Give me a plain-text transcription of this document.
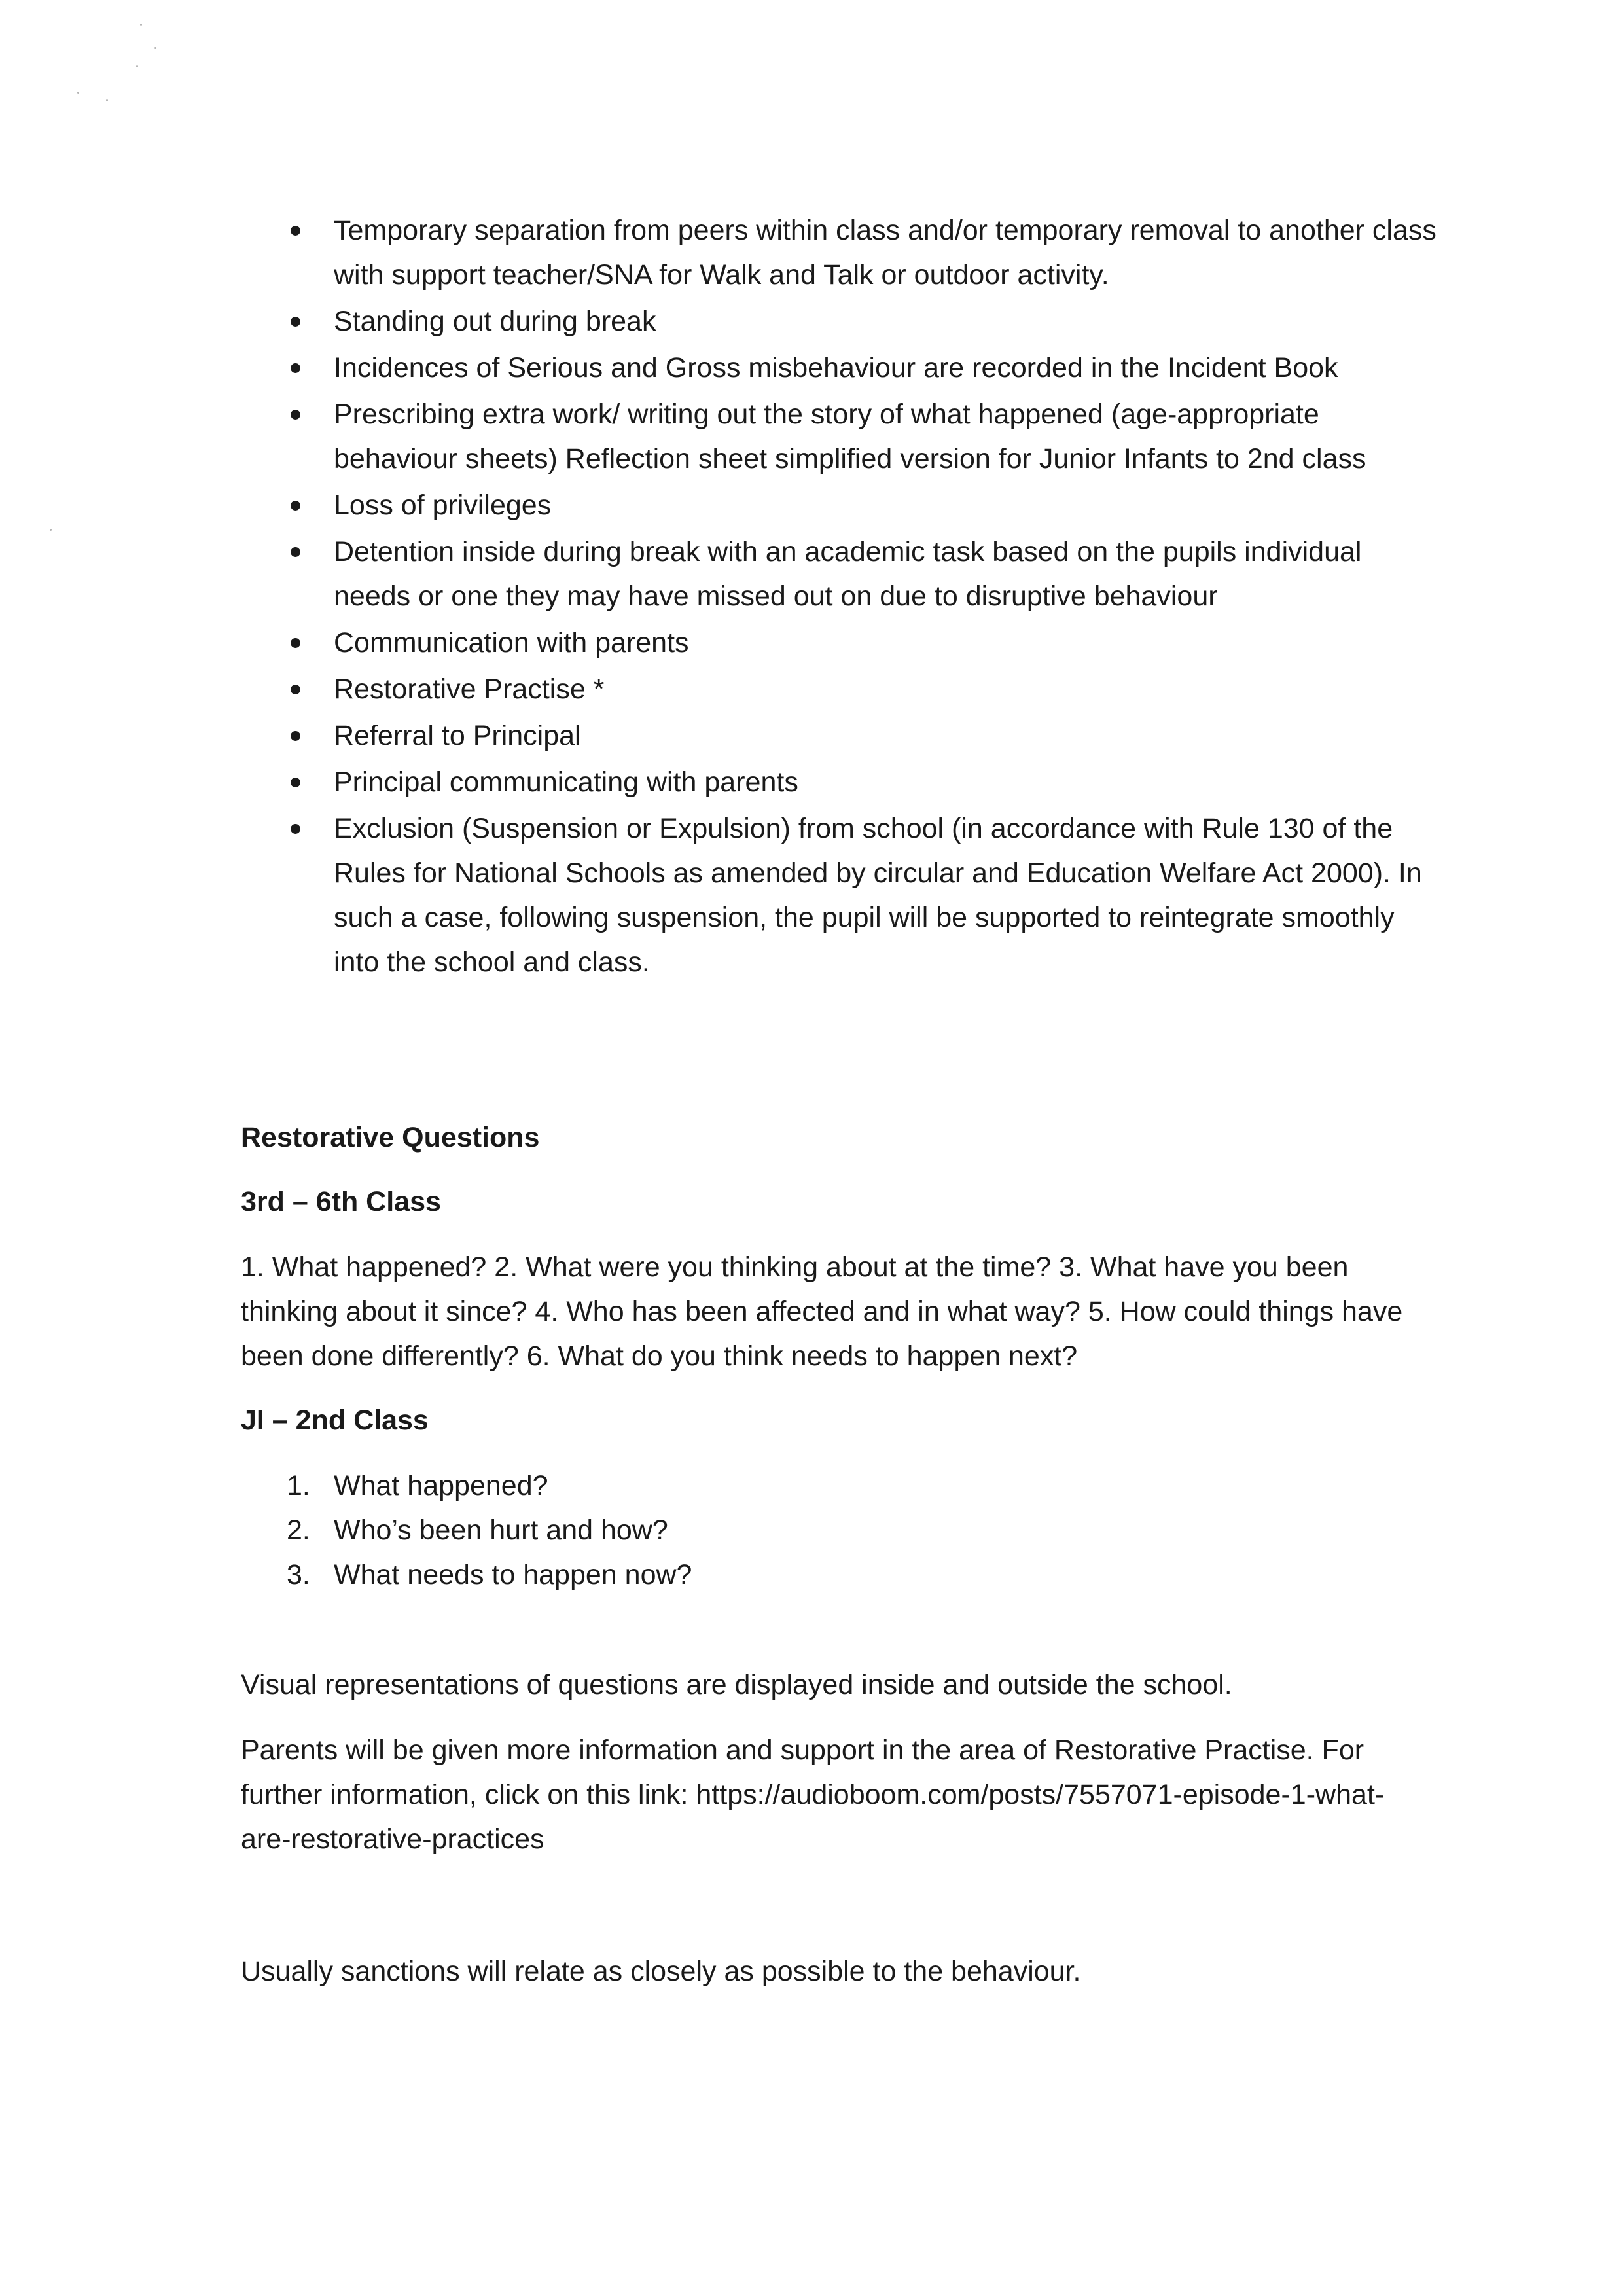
Temporary separation from peers within class and/or temporary removal to another class with support teacher/SNA for Walk and Talk or outdoor activity.
Standing out during break
Incidences of Serious and Gross misbehaviour are recorded in the Incident Book
Prescribing extra work/ writing out the story of what happened (age-appropriate behaviour sheets) Reflection sheet simplified version for Junior Infants to 2nd class
Loss of privileges
Detention inside during break with an academic task based on the pupils individual needs or one they may have missed out on due to disruptive behaviour
Communication with parents
Restorative Practise *
Referral to Principal
Principal communicating with parents
Exclusion (Suspension or Expulsion) from school (in accordance with Rule 130 of the Rules for National Schools as amended by circular and Education Welfare Act 2000). In such a case, following suspension, the pupil will be supported to reintegrate smoothly into the school and class.
Restorative Questions
3rd – 6th Class

1. What happened? 2. What were you thinking about at the time? 3. What have you been thinking about it since? 4. Who has been affected and in what way? 5. How could things have been done differently? 6. What do you think needs to happen next?

JI – 2nd Class
1. What happened?
2. Who’s been hurt and how?
3. What needs to happen now?

Visual representations of questions are displayed inside and outside the school.

Parents will be given more information and support in the area of Restorative Practise. For further information, click on this link: https://audioboom.com/posts/7557071-episode-1-what-are-restorative-practices

Usually sanctions will relate as closely as possible to the behaviour.
